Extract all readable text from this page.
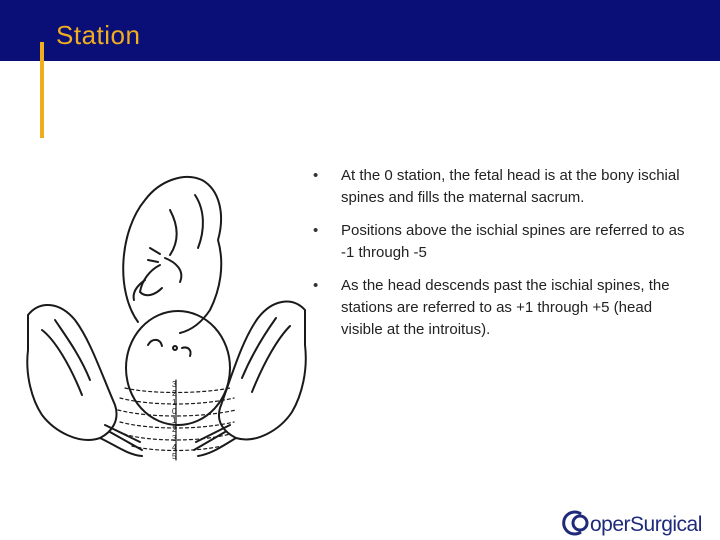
Station
3
2
1
0
1
2
3
4
5
• At the 0 station, the fetal head is at the bony ischial spines and fills the maternal sacrum.
• Positions above the ischial spines are referred to as -1 through -5
• As the head descends past the ischial spines, the stations are referred to as +1 through +5 (head visible at the introitus).
operSurgical
